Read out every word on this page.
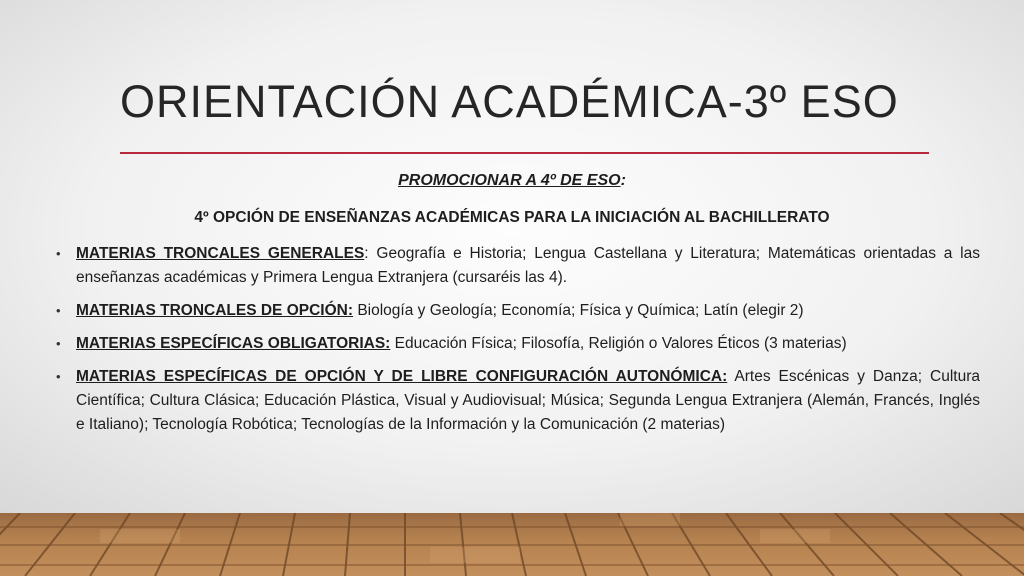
ORIENTACIÓN ACADÉMICA-3º ESO
PROMOCIONAR A 4º DE ESO:
4º OPCIÓN DE ENSEÑANZAS ACADÉMICAS PARA LA INICIACIÓN AL BACHILLERATO
• MATERIAS TRONCALES GENERALES: Geografía e Historia; Lengua Castellana y Literatura; Matemáticas orientadas a las enseñanzas académicas y Primera Lengua Extranjera (cursaréis las 4).
• MATERIAS TRONCALES DE OPCIÓN: Biología y Geología; Economía; Física y Química; Latín (elegir 2)
• MATERIAS ESPECÍFICAS OBLIGATORIAS: Educación Física; Filosofía, Religión o Valores Éticos (3 materias)
• MATERIAS ESPECÍFICAS DE OPCIÓN Y DE LIBRE CONFIGURACIÓN AUTONÓMICA: Artes Escénicas y Danza; Cultura Científica; Cultura Clásica; Educación Plástica, Visual y Audiovisual; Música; Segunda Lengua Extranjera (Alemán, Francés, Inglés e Italiano); Tecnología Robótica; Tecnologías de la Información y la Comunicación (2 materias)
